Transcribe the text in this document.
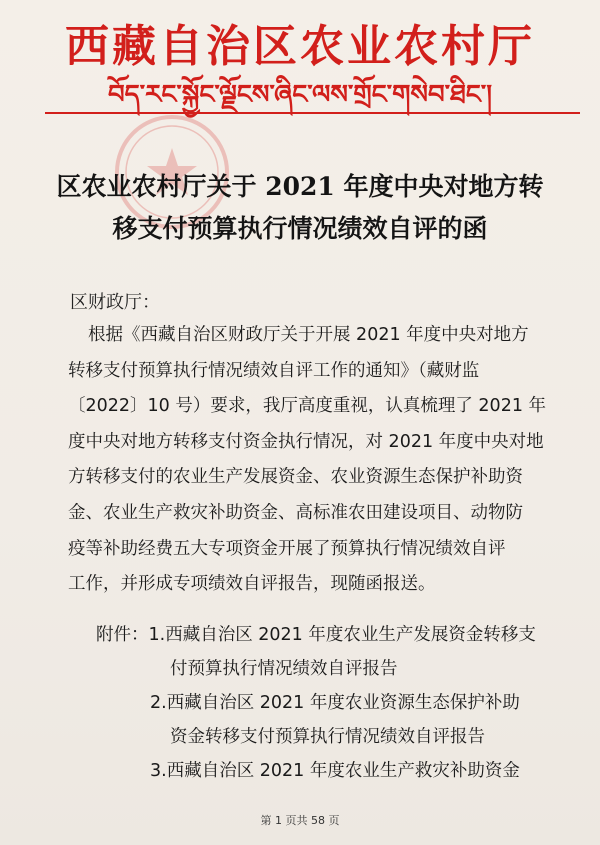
西藏自治区农业农村厅
བོད་རང་སྐྱོང་ལྗོངས་ཞིང་ལས་གྲོང་གསེབ་ཐིང་།
区农业农村厅关于 2021 年度中央对地方转
移支付预算执行情况绩效自评的函
区财政厅：
根据《西藏自治区财政厅关于开展 2021 年度中央对地方
转移支付预算执行情况绩效自评工作的通知》（藏财监
〔2022〕10 号）要求，我厅高度重视，认真梳理了 2021 年
度中央对地方转移支付资金执行情况，对 2021 年度中央对地
方转移支付的农业生产发展资金、农业资源生态保护补助资
金、农业生产救灾补助资金、高标准农田建设项目、动物防
疫等补助经费五大专项资金开展了预算执行情况绩效自评
工作，并形成专项绩效自评报告，现随函报送。
附件：1.西藏自治区 2021 年度农业生产发展资金转移支
付预算执行情况绩效自评报告
2.西藏自治区 2021 年度农业资源生态保护补助
资金转移支付预算执行情况绩效自评报告
3.西藏自治区 2021 年度农业生产救灾补助资金
第 1 页共 58 页
